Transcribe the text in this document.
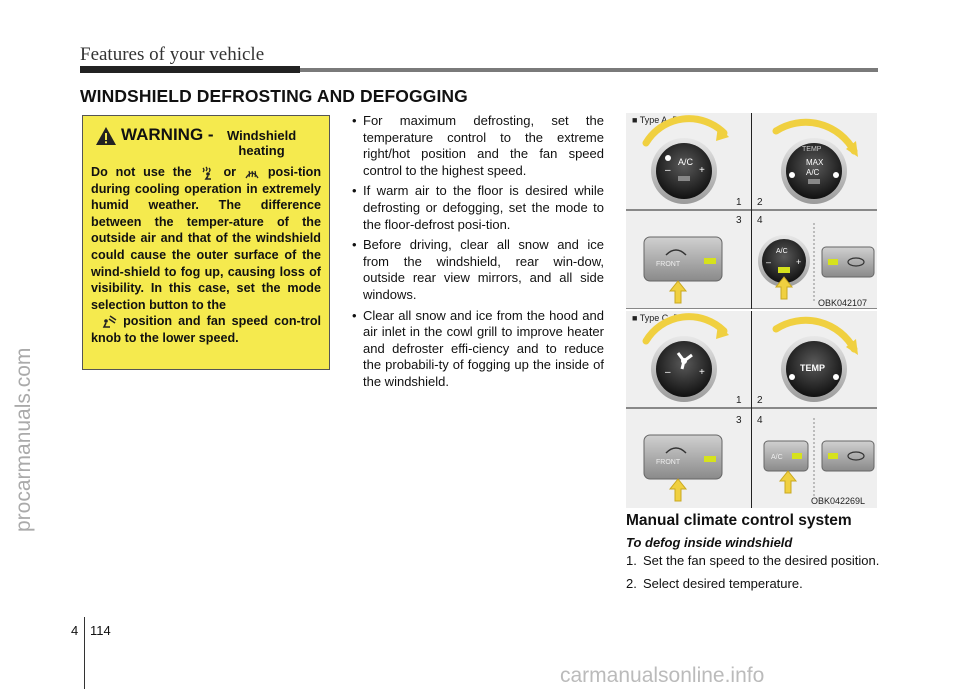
Features of your vehicle
WINDSHIELD DEFROSTING AND DEFOGGING
procarmanuals.com
carmanualsonline.info
WARNING -	Windshield heating
Do not use the	or	posi-tion during cooling operation in extremely humid weather. The difference between the temper-ature of the outside air and that of the windshield could cause the outer surface of the wind-shield to fog up, causing loss of visibility. In this case, set the mode selection button to the
position and fan speed con-trol knob to the lower speed.
• For maximum defrosting, set the temperature control to the extreme right/hot position and the fan speed control to the highest speed.
• If warm air to the floor is desired while defrosting or defogging, set the mode to the floor-defrost posi-tion.
• Before driving, clear all snow and ice from the windshield, rear win-dow, outside rear view mirrors, and all side windows.
• Clear all snow and ice from the hood and air inlet in the cowl grill to improve heater and defroster effi-ciency and to reduce the probabili-ty of fogging up the inside of the windshield.
■ Type A, B
A/C
–	+
1 2
TEMP
MAX
A/C
3 4
FRONT
A/C
–	+
OBK042107
■ Type C, D
–	+
1 2
TEMP
3 4
FRONT
A/C
OBK042269L
Manual climate control system
To defog inside windshield
1. Set the fan speed to the desired position.
2. Select desired temperature.
4 114
